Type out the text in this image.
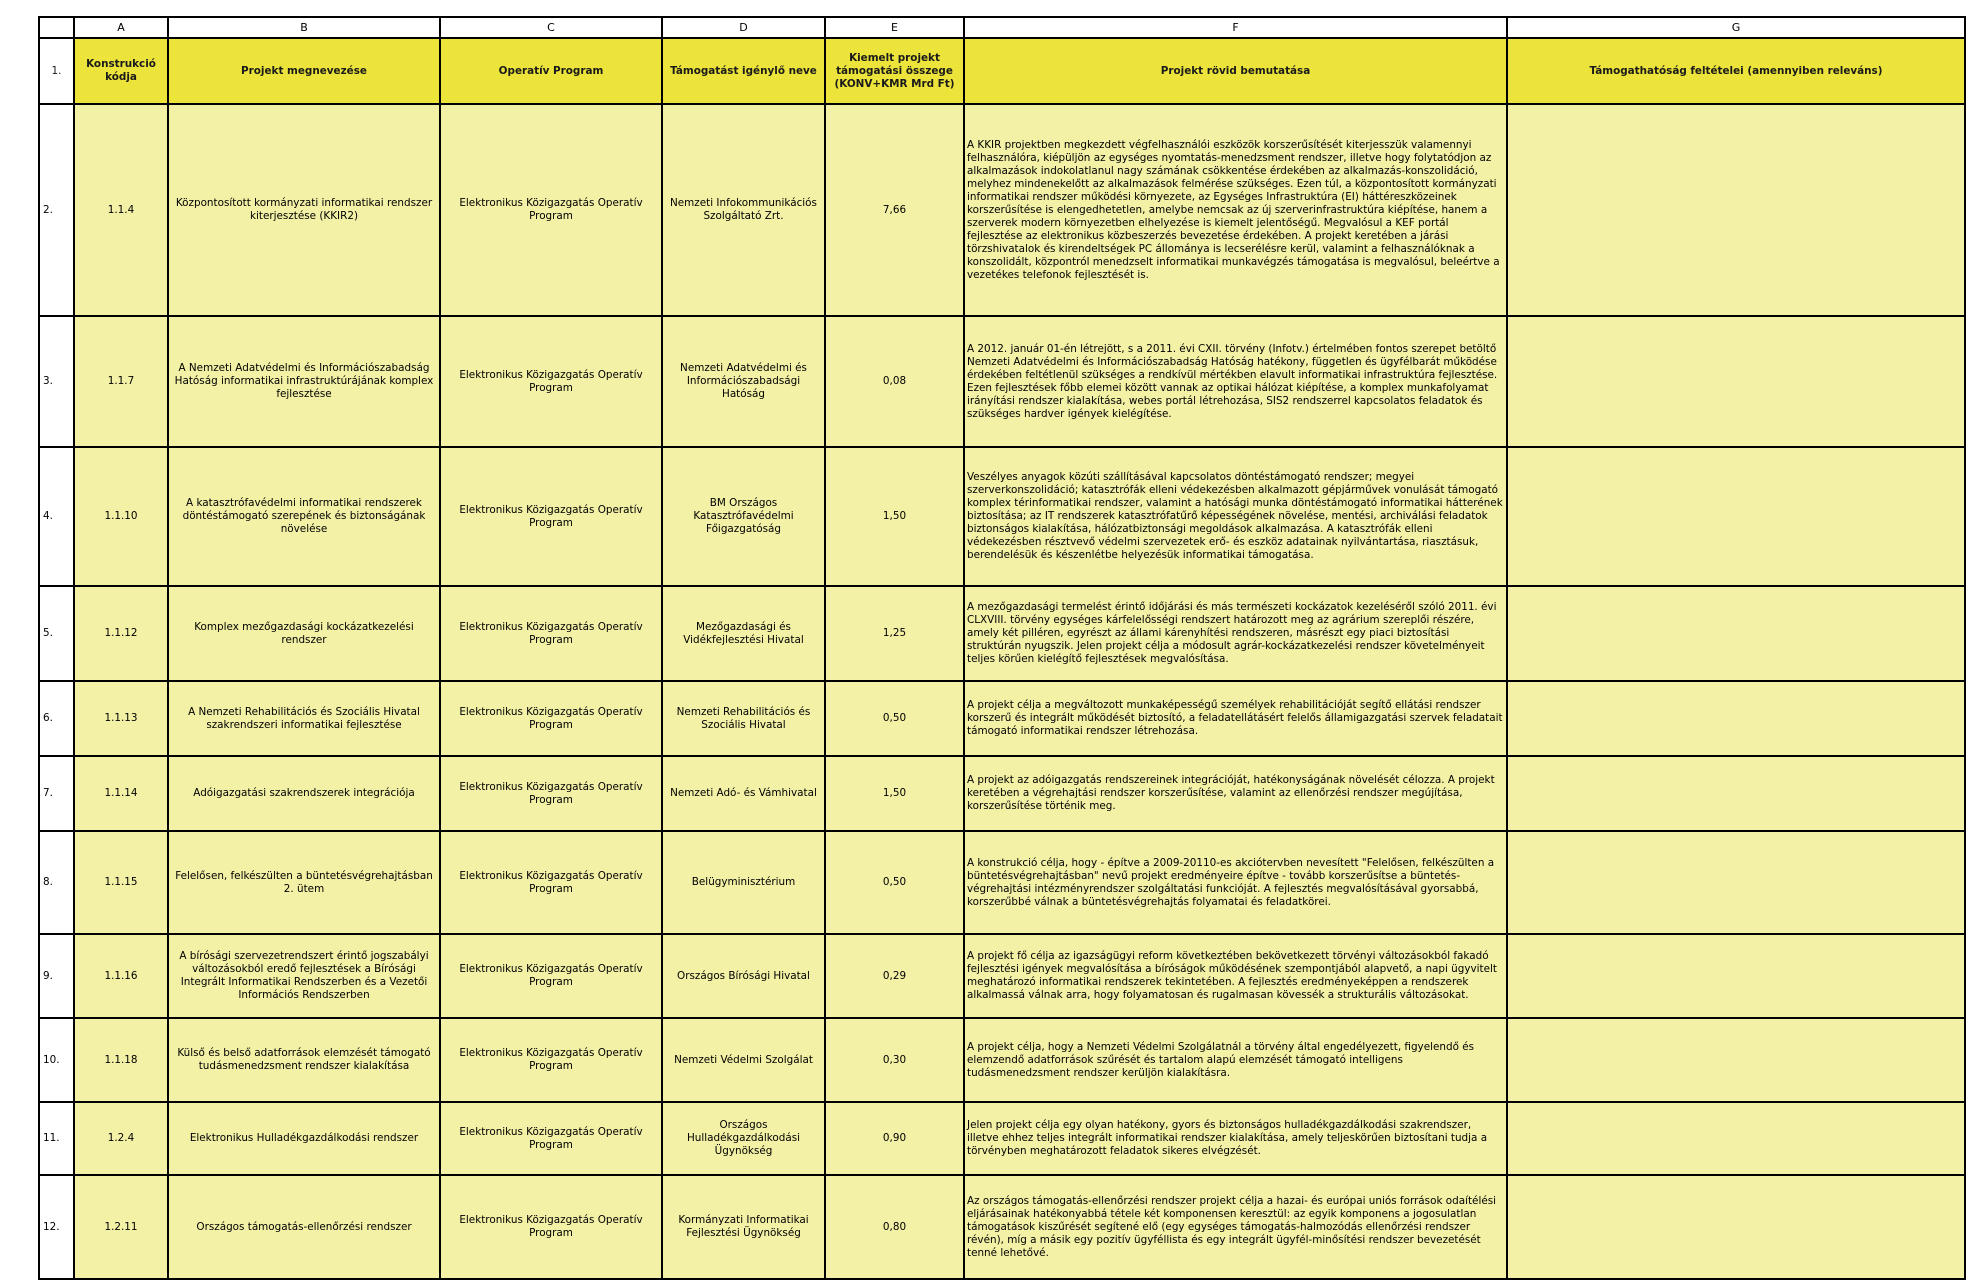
	A	B	C	D	E	F	G
1.	Konstrukció kódja	Projekt megnevezése	Operatív Program	Támogatást igénylő neve	Kiemelt projekt támogatási összege (KONV+KMR Mrd Ft)	Projekt rövid bemutatása	Támogathatóság feltételei (amennyiben releváns)
2.	1.1.4	Központosított kormányzati informatikai rendszer kiterjesztése (KKIR2)	Elektronikus Közigazgatás Operatív Program	Nemzeti Infokommunikációs Szolgáltató Zrt.	7,66	A KKIR projektben megkezdett végfelhasználói eszközök korszerűsítését kiterjesszük valamennyi felhasználóra, kiépüljön az egységes nyomtatás-menedzsment rendszer, illetve hogy folytatódjon az alkalmazások indokolatlanul nagy számának csökkentése érdekében az alkalmazás-konszolidáció, melyhez mindenekelőtt az alkalmazások felmérése szükséges. Ezen túl, a központosított kormányzati informatikai rendszer működési környezete, az Egységes Infrastruktúra (EI) háttéreszközeinek korszerűsítése is elengedhetetlen, amelybe nemcsak az új szerverinfrastruktúra kiépítése, hanem a szerverek modern környezetben elhelyezése is kiemelt jelentőségű. Megvalósul a KEF portál fejlesztése az elektronikus közbeszerzés bevezetése érdekében. A projekt keretében a járási törzshivatalok és kirendeltségek PC állománya is lecserélésre kerül, valamint a felhasználóknak a konszolidált, központról menedzselt informatikai munkavégzés támogatása is megvalósul, beleértve a vezetékes telefonok fejlesztését is.	
3.	1.1.7	A Nemzeti Adatvédelmi és Információszabadság Hatóság informatikai infrastruktúrájának komplex fejlesztése	Elektronikus Közigazgatás Operatív Program	Nemzeti Adatvédelmi és Információszabadsági Hatóság	0,08	A 2012. január 01-én létrejött, s a 2011. évi CXII. törvény (Infotv.) értelmében fontos szerepet betöltő Nemzeti Adatvédelmi és Információszabadság Hatóság hatékony, független és ügyfélbarát működése érdekében feltétlenül szükséges a rendkívül mértékben elavult informatikai infrastruktúra fejlesztése. Ezen fejlesztések főbb elemei között vannak az optikai hálózat kiépítése, a komplex munkafolyamat irányítási rendszer kialakítása, webes portál létrehozása, SIS2 rendszerrel kapcsolatos feladatok és szükséges hardver igények kielégítése.	
4.	1.1.10	A katasztrófavédelmi informatikai rendszerek döntéstámogató szerepének és biztonságának növelése	Elektronikus Közigazgatás Operatív Program	BM Országos Katasztrófavédelmi Főigazgatóság	1,50	Veszélyes anyagok közúti szállításával kapcsolatos döntéstámogató rendszer; megyei szerverkonszolidáció; katasztrófák elleni védekezésben alkalmazott gépjárművek vonulását támogató komplex térinformatikai rendszer, valamint a hatósági munka döntéstámogató informatikai hátterének biztosítása; az IT rendszerek katasztrófatűrő képességének növelése, mentési, archiválási feladatok biztonságos kialakítása, hálózatbiztonsági megoldások alkalmazása. A katasztrófák elleni védekezésben résztvevő védelmi szervezetek erő- és eszköz adatainak nyilvántartása, riasztásuk, berendelésük és készenlétbe helyezésük informatikai támogatása.	
5.	1.1.12	Komplex mezőgazdasági kockázatkezelési rendszer	Elektronikus Közigazgatás Operatív Program	Mezőgazdasági és Vidékfejlesztési Hivatal	1,25	A mezőgazdasági termelést érintő időjárási és más természeti kockázatok kezeléséről szóló 2011. évi CLXVIII. törvény egységes kárfelelősségi rendszert határozott meg az agrárium szereplői részére, amely két pilléren, egyrészt az állami kárenyhítési rendszeren, másrészt egy piaci biztosítási struktúrán nyugszik. Jelen projekt célja a módosult agrár-kockázatkezelési rendszer követelményeit teljes körűen kielégítő fejlesztések megvalósítása.	
6.	1.1.13	A Nemzeti Rehabilitációs és Szociális Hivatal szakrendszeri informatikai fejlesztése	Elektronikus Közigazgatás Operatív Program	Nemzeti Rehabilitációs és Szociális Hivatal	0,50	A projekt célja a megváltozott munkaképességű személyek rehabilitációját segítő ellátási rendszer korszerű és integrált működését biztosító, a feladatellátásért felelős államigazgatási szervek feladatait támogató informatikai rendszer létrehozása.	
7.	1.1.14	Adóigazgatási szakrendszerek integrációja	Elektronikus Közigazgatás Operatív Program	Nemzeti Adó- és Vámhivatal	1,50	A projekt az adóigazgatás rendszereinek integrációját, hatékonyságának növelését célozza. A projekt keretében a végrehajtási rendszer korszerűsítése, valamint az ellenőrzési rendszer megújítása, korszerűsítése történik meg.	
8.	1.1.15	Felelősen, felkészülten a büntetésvégrehajtásban 2. ütem	Elektronikus Közigazgatás Operatív Program	Belügyminisztérium	0,50	A konstrukció célja, hogy - építve a 2009-20110-es akciótervben nevesített "Felelősen, felkészülten a büntetésvégrehajtásban" nevű projekt eredményeire építve - tovább korszerűsítse a büntetés-végrehajtási intézményrendszer szolgáltatási funkcióját. A fejlesztés megvalósításával gyorsabbá, korszerűbbé válnak a büntetésvégrehajtás folyamatai és feladatkörei.	
9.	1.1.16	A bírósági szervezetrendszert érintő jogszabályi változásokból eredő fejlesztések a Bírósági Integrált Informatikai Rendszerben és a Vezetői Információs Rendszerben	Elektronikus Közigazgatás Operatív Program	Országos Bírósági Hivatal	0,29	A projekt fő célja az igazságügyi reform következtében bekövetkezett törvényi változásokból fakadó fejlesztési igények megvalósítása a bíróságok működésének szempontjából alapvető, a napi ügyvitelt meghatározó informatikai rendszerek tekintetében. A fejlesztés eredményeképpen a rendszerek alkalmassá válnak arra, hogy folyamatosan és rugalmasan kövessék a strukturális változásokat.	
10.	1.1.18	Külső és belső adatforrások elemzését támogató tudásmenedzsment rendszer kialakítása	Elektronikus Közigazgatás Operatív Program	Nemzeti Védelmi Szolgálat	0,30	A projekt célja, hogy a Nemzeti Védelmi Szolgálatnál a törvény által engedélyezett, figyelendő és elemzendő adatforrások szűrését és tartalom alapú elemzését támogató intelligens tudásmenedzsment rendszer kerüljön kialakításra.	
11.	1.2.4	Elektronikus Hulladékgazdálkodási rendszer	Elektronikus Közigazgatás Operatív Program	Országos Hulladékgazdálkodási Ügynökség	0,90	Jelen projekt célja egy olyan hatékony, gyors és biztonságos hulladékgazdálkodási szakrendszer, illetve ehhez teljes integrált informatikai rendszer kialakítása, amely teljeskörűen biztosítani tudja a törvényben meghatározott feladatok sikeres elvégzését.	
12.	1.2.11	Országos támogatás-ellenőrzési rendszer	Elektronikus Közigazgatás Operatív Program	Kormányzati Informatikai Fejlesztési Ügynökség	0,80	Az országos támogatás-ellenőrzési rendszer projekt célja a hazai- és európai uniós források odaítélési eljárásainak hatékonyabbá tétele két komponensen keresztül: az egyik komponens a jogosulatlan támogatások kiszűrését segítené elő (egy egységes támogatás-halmozódás ellenőrzési rendszer révén), míg a másik egy pozitív ügyféllista és egy integrált ügyfél-minősítési rendszer bevezetését tenné lehetővé.	
